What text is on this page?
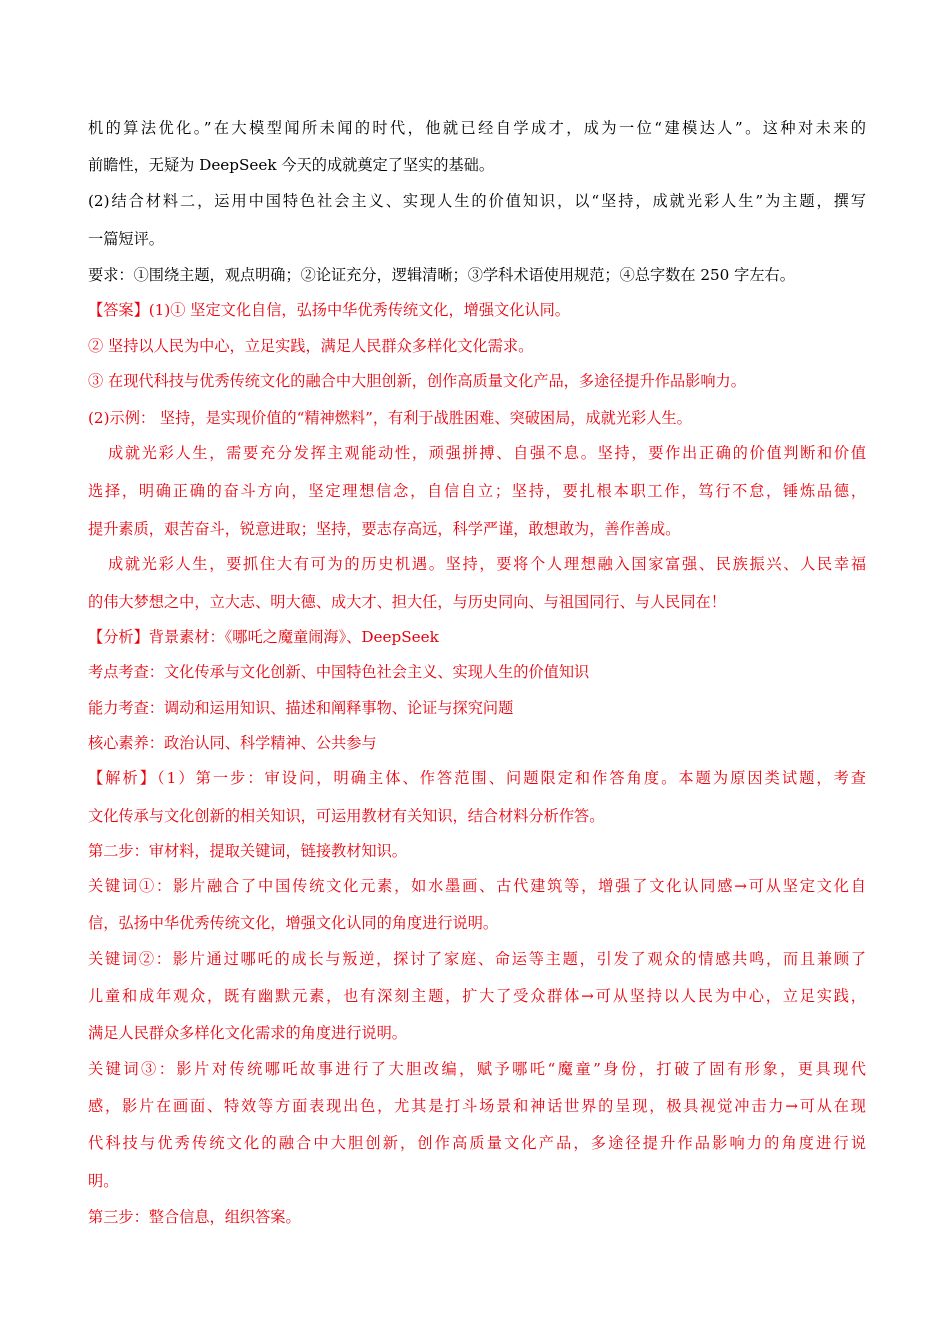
机的算法优化。”在大模型闻所未闻的时代，他就已经自学成才，成为一位“建模达人”。这种对未来的
前瞻性，无疑为 DeepSeek 今天的成就奠定了坚实的基础。
(2)结合材料二，运用中国特色社会主义、实现人生的价值知识，以“坚持，成就光彩人生”为主题，撰写
一篇短评。
要求：①围绕主题，观点明确；②论证充分，逻辑清晰；③学科术语使用规范；④总字数在 250 字左右。
【答案】(1)① 坚定文化自信，弘扬中华优秀传统文化，增强文化认同。
② 坚持以人民为中心，立足实践，满足人民群众多样化文化需求。
③ 在现代科技与优秀传统文化的融合中大胆创新，创作高质量文化产品，多途径提升作品影响力。
(2)示例： 坚持，是实现价值的“精神燃料”，有利于战胜困难、突破困局，成就光彩人生。
成就光彩人生，需要充分发挥主观能动性，顽强拼搏、自强不息。坚持，要作出正确的价值判断和价值
选择，明确正确的奋斗方向，坚定理想信念，自信自立；坚持，要扎根本职工作，笃行不怠，锤炼品德，
提升素质，艰苦奋斗，锐意进取；坚持，要志存高远，科学严谨，敢想敢为，善作善成。
成就光彩人生，要抓住大有可为的历史机遇。坚持，要将个人理想融入国家富强、民族振兴、人民幸福
的伟大梦想之中，立大志、明大德、成大才、担大任，与历史同向、与祖国同行、与人民同在！
【分析】背景素材：《哪吒之魔童闹海》、DeepSeek
考点考查：文化传承与文化创新、中国特色社会主义、实现人生的价值知识
能力考查：调动和运用知识、描述和阐释事物、论证与探究问题
核心素养：政治认同、科学精神、公共参与
【解析】（1）第一步：审设问，明确主体、作答范围、问题限定和作答角度。本题为原因类试题，考查
文化传承与文化创新的相关知识，可运用教材有关知识，结合材料分析作答。
第二步：审材料，提取关键词，链接教材知识。
关键词①：影片融合了中国传统文化元素，如水墨画、古代建筑等，增强了文化认同感→可从坚定文化自
信，弘扬中华优秀传统文化，增强文化认同的角度进行说明。
关键词②：影片通过哪吒的成长与叛逆，探讨了家庭、命运等主题，引发了观众的情感共鸣，而且兼顾了
儿童和成年观众，既有幽默元素，也有深刻主题，扩大了受众群体→可从坚持以人民为中心，立足实践，
满足人民群众多样化文化需求的角度进行说明。
关键词③：影片对传统哪吒故事进行了大胆改编，赋予哪吒“魔童”身份，打破了固有形象，更具现代
感，影片在画面、特效等方面表现出色，尤其是打斗场景和神话世界的呈现，极具视觉冲击力→可从在现
代科技与优秀传统文化的融合中大胆创新，创作高质量文化产品，多途径提升作品影响力的角度进行说
明。
第三步：整合信息，组织答案。
